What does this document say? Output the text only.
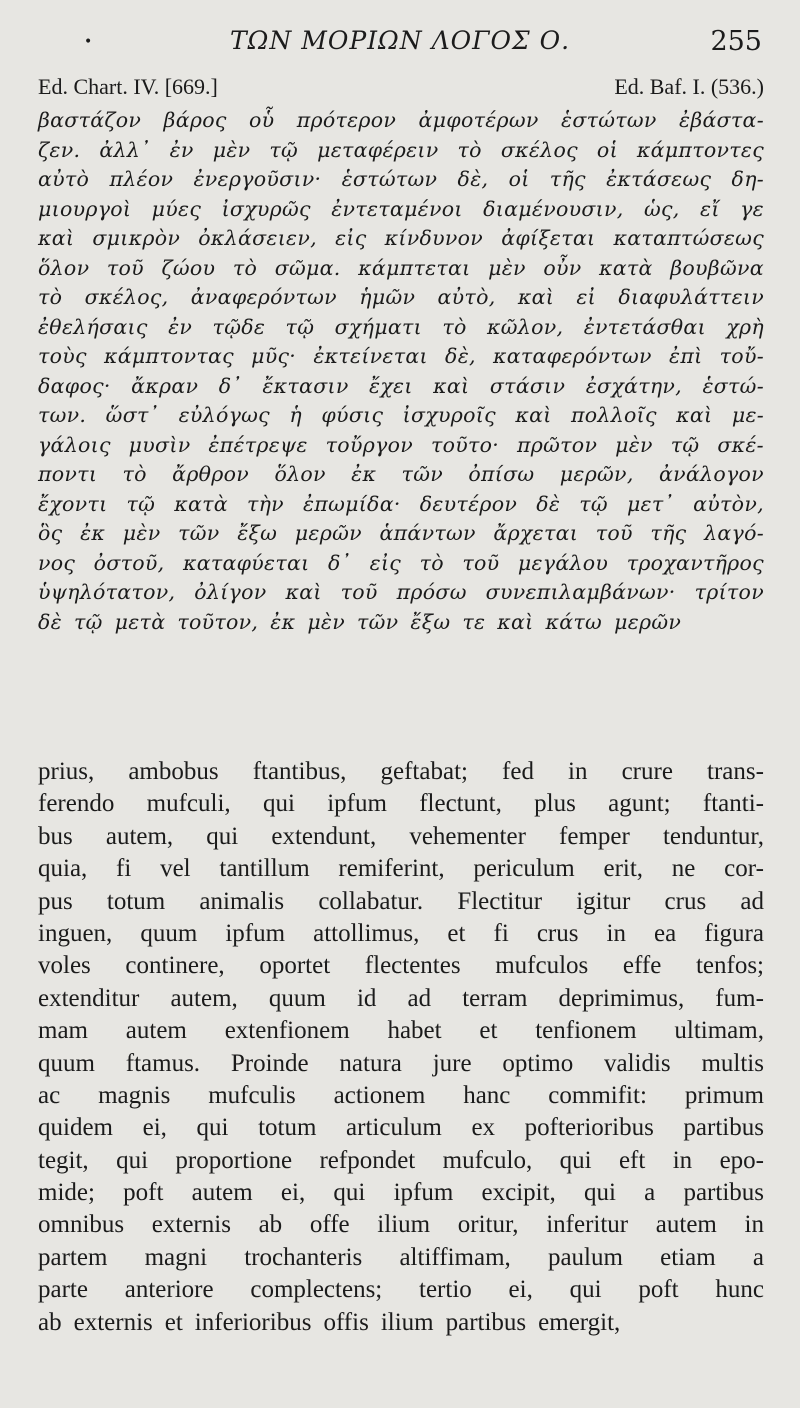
•	ΤΩΝ ΜΟΡΙΩΝ ΛΟΓΟΣ Ο.	255
Ed. Chart. IV. [669.]	Ed. Baf. I. (536.)
βαστάζον βάρος οὗ πρότερον ἀμφοτέρων ἑστώτων ἐβάστα-
ζεν. ἀλλ᾽ ἐν μὲν τῷ μεταφέρειν τὸ σκέλος οἱ κάμπτοντες
αὐτὸ πλέον ἐνεργοῦσιν· ἑστώτων δὲ, οἱ τῆς ἐκτάσεως δη-
μιουργοὶ μύες ἰσχυρῶς ἐντεταμένοι διαμένουσιν, ὡς, εἴ γε
καὶ σμικρὸν ὀκλάσειεν, εἰς κίνδυνον ἀφίξεται καταπτώσεως
ὅλον τοῦ ζώου τὸ σῶμα. κάμπτεται μὲν οὖν κατὰ βουβῶνα
τὸ σκέλος, ἀναφερόντων ἡμῶν αὐτὸ, καὶ εἰ διαφυλάττειν
ἐθελήσαις ἐν τῷδε τῷ σχήματι τὸ κῶλον, ἐντετάσθαι χρὴ
τοὺς κάμπτοντας μῦς· ἐκτείνεται δὲ, καταφερόντων ἐπὶ τοὔ-
δαφος· ἄκραν δ᾽ ἔκτασιν ἔχει καὶ στάσιν ἐσχάτην, ἑστώ-
των. ὥστ᾽ εὐλόγως ἡ φύσις ἰσχυροῖς καὶ πολλοῖς καὶ με-
γάλοις μυσὶν ἐπέτρεψε τοὔργον τοῦτο· πρῶτον μὲν τῷ σκέ-
ποντι τὸ ἄρθρον ὅλον ἐκ τῶν ὀπίσω μερῶν, ἀνάλογον
ἔχοντι τῷ κατὰ τὴν ἐπωμίδα· δευτέρον δὲ τῷ μετ᾽ αὐτὸν,
ὃς ἐκ μὲν τῶν ἔξω μερῶν ἁπάντων ἄρχεται τοῦ τῆς λαγό-
νος ὀστοῦ, καταφύεται δ᾽ εἰς τὸ τοῦ μεγάλου τροχαντῆρος
ὑψηλότατον, ὀλίγον καὶ τοῦ πρόσω συνεπιλαμβάνων· τρίτον
δὲ τῷ μετὰ τοῦτον, ἐκ μὲν τῶν ἔξω τε καὶ κάτω μερῶν
prius, ambobus ftantibus, geftabat; fed in crure trans-
ferendo mufculi, qui ipfum flectunt, plus agunt; ftanti-
bus autem, qui extendunt, vehementer femper tenduntur,
quia, fi vel tantillum remiferint, periculum erit, ne cor-
pus totum animalis collabatur. Flectitur igitur crus ad
inguen, quum ipfum attollimus, et fi crus in ea figura
voles continere, oportet flectentes mufculos effe tenfos;
extenditur autem, quum id ad terram deprimimus, fum-
mam autem extenfionem habet et tenfionem ultimam,
quum ftamus. Proinde natura jure optimo validis multis
ac magnis mufculis actionem hanc commifit: primum
quidem ei, qui totum articulum ex pofterioribus partibus
tegit, qui proportione refpondet mufculo, qui eft in epo-
mide; poft autem ei, qui ipfum excipit, qui a partibus
omnibus externis ab offe ilium oritur, inferitur autem in
partem magni trochanteris altiffimam, paulum etiam a
parte anteriore complectens; tertio ei, qui poft hunc
ab externis et inferioribus offis ilium partibus emergit,
